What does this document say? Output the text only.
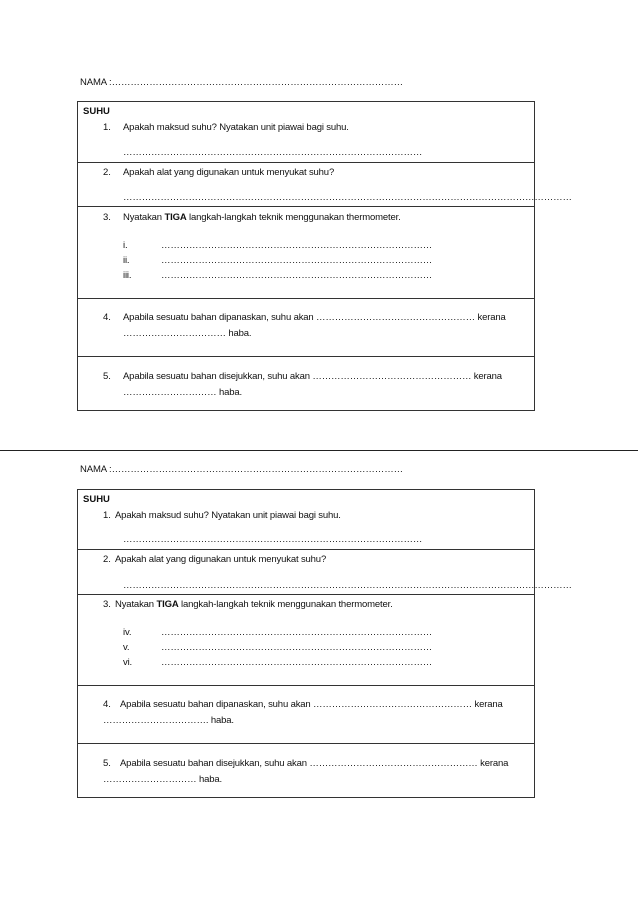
NAMA :…………………………………………………………………………………
SUHU
1. Apakah maksud suhu? Nyatakan unit piawai bagi suhu.
……………………………………………………………………………………
2. Apakah alat yang digunakan untuk menyukat suhu?
………………………………………………………………………………………………………………………………
3. Nyatakan TIGA langkah-langkah teknik menggunakan thermometer.
i.	……………………………………………………………………………
ii.	……………………………………………………………………………
iii.	……………………………………………………………………………
4. Apabila sesuatu bahan dipanaskan, suhu akan …………………………………………… kerana
…………………………… haba.
5. Apabila sesuatu bahan disejukkan, suhu akan …………………………………………… kerana
………………………… haba.
NAMA :…………………………………………………………………………………
SUHU
1. Apakah maksud suhu? Nyatakan unit piawai bagi suhu.
……………………………………………………………………………………
2. Apakah alat yang digunakan untuk menyukat suhu?
………………………………………………………………………………………………………………………………
3. Nyatakan TIGA langkah-langkah teknik menggunakan thermometer.
iv.	……………………………………………………………………………
v.	……………………………………………………………………………
vi.	……………………………………………………………………………
4. Apabila sesuatu bahan dipanaskan, suhu akan …………………………………………… kerana
……………………………. haba.
5. Apabila sesuatu bahan disejukkan, suhu akan ……………………………………………… kerana
………………………… haba.
